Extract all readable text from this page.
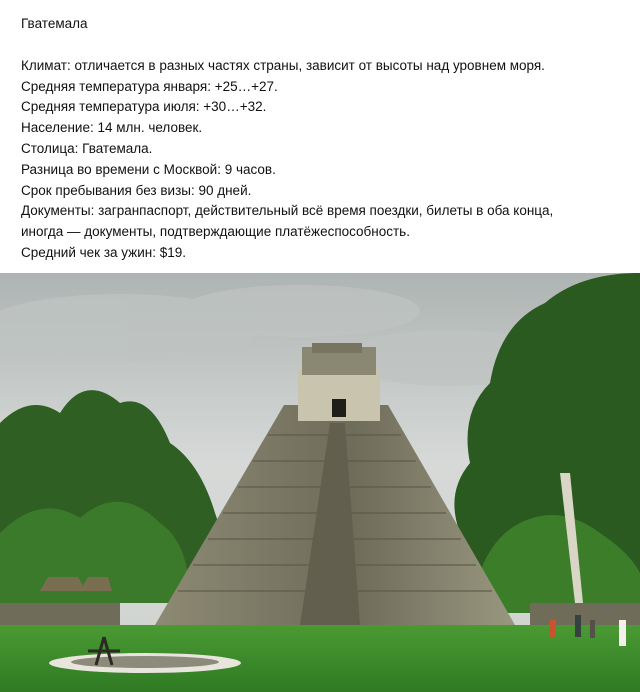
Гватемала

Климат: отличается в разных частях страны, зависит от высоты над уровнем моря.

Средняя температура января: +25…+27.

Средняя температура июля: +30…+32.

Население: 14 млн. человек.

Столица: Гватемала.

Разница во времени с Москвой: 9 часов.

Срок пребывания без визы: 90 дней.

Документы: загранпаспорт, действительный всё время поездки, билеты в оба конца,

иногда — документы, подтверждающие платёжеспособность.

Средний чек за ужин: $19.
